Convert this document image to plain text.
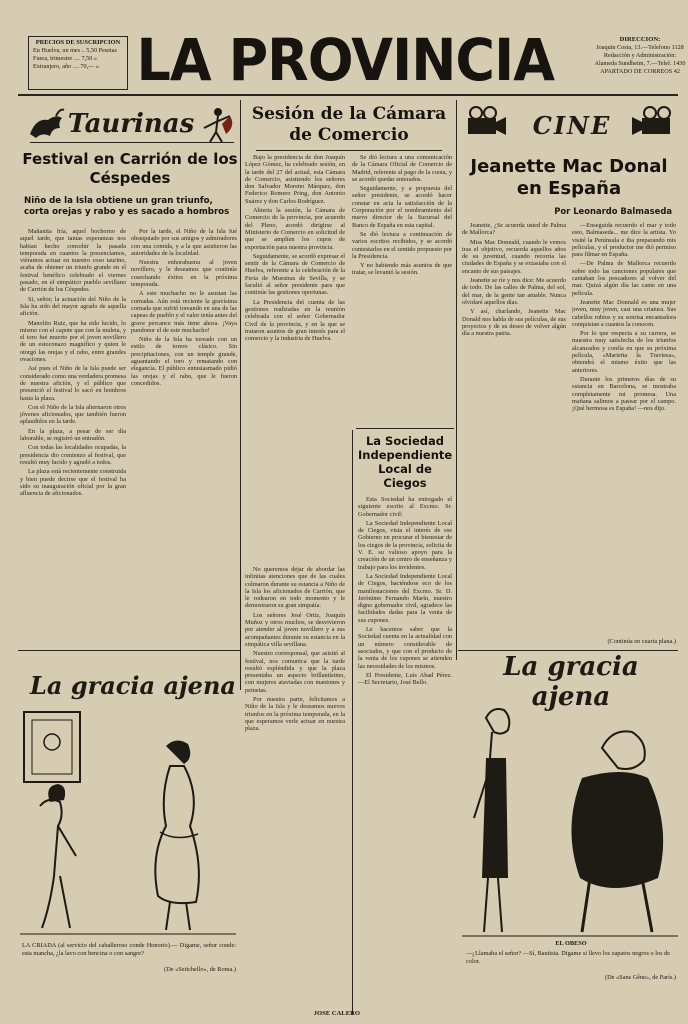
PRECIOS DE SUSCRIPCION
En Huelva, un mes .. 5,50 Pesetas
Fuera, trimestre .... 7,50 »
Extranjero, año .... 70,— » LA PROVINCIA	DIRECCION:
Joaquin Costa, 13.—Telefono 1128
Redacción y Administración:
Alameda Sundheim, 7.—Telef. 1430
APARTADO DE CORREOS 42
Taurinas
Festival en Carrión de los Céspedes
Niño de la Isla obtiene un gran triunfo, corta orejas y rabo y es sacado a hombros

Mañanita fría, aquel bochorno de aquel tarde, que tantas esperanzas nos habian hecho concebir la pasada temporada en cuantos la presenciamos, viéramos actuar en nuestro coso taurino, acaba de obtener un triunfo grande en el festival benéfico celebrado el viernes pasado, en el simpático pueblo sevillano de Carrión de los Céspedes.

Si, señor; la actuación del Niño de la Isla ha sido del mayor agrado de aquella afición.

Manolito Ruiz, que ha sido lucido, lo mismo con el capote que con la muleta, y el toro fué muerto por el joven novillero de un estoconazo magnífico y quien le otorgó las orejas y el rabo, entre grandes ovaciones.

Así pues el Niño de la Isla puede ser considerado como una verdadera promesa de nuestra afición, y el público que presenció el festival lo sacó en hombros hasta la plaza.

Con el Niño de la Isla alternaron otros jóvenes aficionados, que también fueron aplaudidos en la tarde.

En la plaza, a pesar de ser día laborable, se registró un entradón.

Con todas las localidades ocupadas, la presidencia dio comienzo al festival, que resultó muy lucido y agradó a todos.

La plaza está recientemente construida y bien puede decirse que el festival ha sido su inauguración oficial por la gran afluencia de aficionados.

Por la tarde, el Niño de la Isla fué obsequiado por sus amigos y admiradores con una comida, y a la que asistieron las autoridades de la localidad.

Nuestra enhorabuena al joven novillero, y le deseamos que continúe cosechando éxitos en la próxima temporada.

A este muchacho no le asustan las cornadas. Aún está reciente la gravísima cornada que sufrió toreando en una de las capeas de pueblo y el valor tenía antes del grave percance más tiene ahora. ¡Vaya pundonor el de este muchacho!

Niño de la Isla ha toreado con un estilo de torero clásico. Sin precipitaciones, con un temple grande, aguantando el toro y rematando con elegancia. El público entusiasmado pidió las orejas y el rabo, que le fueron concedidos.

Sesión de la Cámara de Comercio

Bajo la presidencia de don Joaquín López Gómez, ha celebrado sesión, en la tarde del 27 del actual, esta Cámara de Comercio, asistiendo los señores don Salvador Moreno Márquez, don Federico Romero Pring, don Antonio Suárez y don Carlos Rodríguez.

Abierta la sesión, la Cámara de Comercio de la provincia, por acuerdo del Pleno, acordó dirigirse al Ministerio de Comercio en solicitud de que se amplíen los cupos de exportación para nuestra provincia.

Seguidamente, se acordó expresar el sentir de la Cámara de Comercio de Huelva, referente a la celebración de la Feria de Muestras de Sevilla, y se facultó al señor presidente para que continúe las gestiones oportunas.

La Presidencia dió cuenta de las gestiones realizadas en la reunión celebrada con el señor Gobernador Civil de la provincia, y en la que se trataron asuntos de gran interés para el comercio y la industria de Huelva.

Se dió lectura a una comunicación de la Cámara Oficial de Comercio de Madrid, referente al pago de la cuota, y se acordó quedar enterados.

Seguidamente, y a propuesta del señor presidente, se acordó hacer constar en acta la satisfacción de la Corporación por el nombramiento del nuevo director de la Sucursal del Banco de España en esta capital.

Se dió lectura a continuación de varios escritos recibidos, y se acordó contestarlos en el sentido propuesto por la Presidencia.

Y no habiendo más asuntos de que tratar, se levantó la sesión.

La Sociedad Independiente Local de Ciegos

Esta Sociedad ha entregado el siguiente escrito al Excmo. Sr. Gobernador civil:

La Sociedad Independiente Local de Ciegos, vista el interés de ese Gobierno en procurar el bienestar de los ciegos de la provincia, solicita de V. E. su valioso apoyo para la creación de un centro de enseñanza y trabajo para los invidentes.

La Sociedad Independiente Local de Ciegos, haciéndose eco de los manifestaciones del Excmo. Sr. D. Jerónimo Fernando Marín, nuestro digno gobernador civil, agradece las facilidades dadas para la venta de sus cupones.

Le hacemos saber que la Sociedad cuenta en la actualidad con un número considerable de asociados, y que con el producto de la venta de los cupones se atienden las necesidades de los mismos.

El Presidente, Luis Abad Pérez.—El Secretario, José Bello.

No queremos dejar de abordar las infinitas atenciones que de las cuales colmaron durante su estancia a Niño de la Isla los aficionados de Carrión, que le rodearon en todo momento y le demostraron su gran simpatía.

Los señores José Ortiz, Joaquín Muñoz y otros muchos, se desvivieron por atender al joven novillero y a sus acompañantes durante su estancia en la simpática villa sevillana.

Nuestro corresponsal, que asistió al festival, nos comunica que la tarde resultó espléndida y que la plaza presentaba un aspecto brillantísimo, con mujeres ataviadas con mantones y peinetas.

Por nuestra parte, felicitamos a Niño de la Isla y le deseamos nuevos triunfos en la próxima temporada, en la que esperamos verle actuar en nuestra plaza.

JOSE CALERO
CINE
Jeanette Mac Donal en España
Por Leonardo Balmaseda

Jeanette, ¿Se acuerda usted de Palma de Mallorca?

Miss Mac Donnald, cuando le vemos tras el objetivo, recuerda aquellos años de su juventud, cuando recorría las ciudades de España y se extasiaba con el encanto de sus paisajes.

Jeanette se ríe y nos dice: Me acuerdo de todo. De las calles de Palma, del sol, del mar, de la gente tan amable. Nunca olvidaré aquellos días.

Y así, charlando, Jeanette Mac Donald nos habla de sus películas, de sus proyectos y de su deseo de volver algún día a nuestra patria.

—Enseguida recuerdo el mar y todo esto, Balmaseda... me dice la artista. Yo visité la Península e iba preparando mis películas, y el productor me dió permiso para filmar en España.

—De Palma de Mallorca recuerdo sobre todo las canciones populares que cantaban los pescadores al volver del mar. Quizá algún día las cante en una película.

Jeanette Mac Donnald es una mujer joven, muy joven, casi una criatura. Sus cabellos rubios y su sonrisa encantadora conquistan a cuantos la conocen.

Por lo que respecta a su carrera, se muestra muy satisfecha de los triunfos alcanzados y confía en que su próxima película, «Marietta la Traviesa», obtendrá el mismo éxito que las anteriores.

Durante los primeros días de su estancia en Barcelona, se mostraba completamente mi promesa. Una mañana salimos a pasear por el campo. ¡Qué hermosa es España! —nos dijo.

(Continúa en cuarta plana.)
La gracia ajena
LA CRIADA (al servicio del caballeroso conde Honorio).— Digame, señor conde: esta mancha, ¿la lavo con bencina o con sangre?
(De «Seitchello», de Roma.)
La gracia ajena
EL OBESO
—¿Llamaba el señor? —Sí, Bautista. Digame si llevo los zapatos negros o los de color.
(De «Sans Gêne», de París.)
